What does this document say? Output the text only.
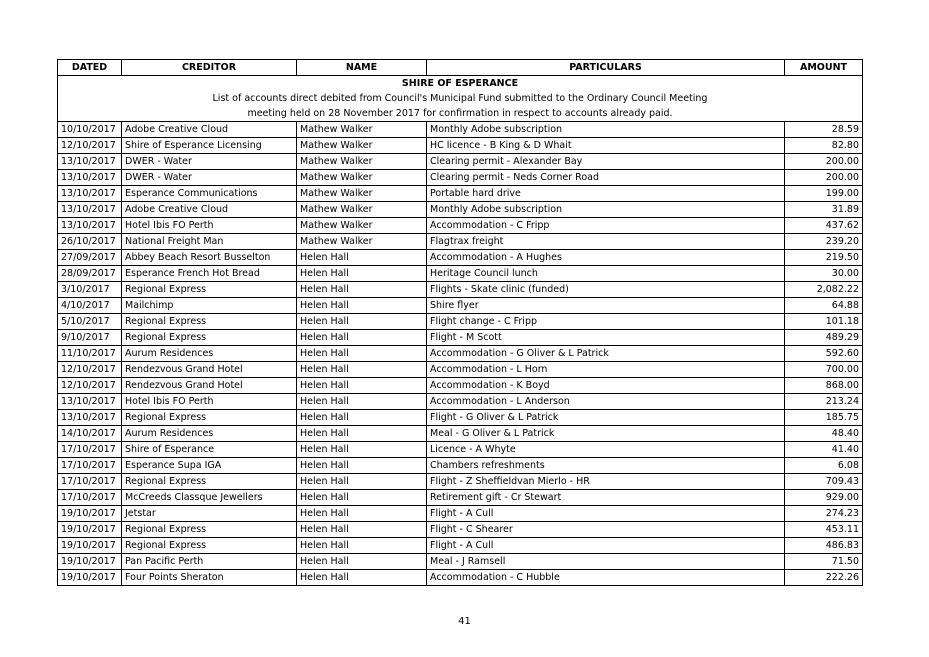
SHIRE OF ESPERANCE				
List of accounts direct debited from Council's Municipal Fund submitted to the Ordinary Council Meeting				
meeting held on 28 November 2017 for confirmation in respect to accounts already paid.				
DATED	CREDITOR	NAME	PARTICULARS	AMOUNT
10/10/2017	Adobe Creative Cloud	Mathew Walker	Monthly Adobe subscription	28.59
12/10/2017	Shire of Esperance Licensing	Mathew Walker	HC licence - B King & D Whait	82.80
13/10/2017	DWER - Water	Mathew Walker	Clearing permit - Alexander Bay	200.00
13/10/2017	DWER - Water	Mathew Walker	Clearing permit - Neds Corner Road	200.00
13/10/2017	Esperance Communications	Mathew Walker	Portable hard drive	199.00
13/10/2017	Adobe Creative Cloud	Mathew Walker	Monthly Adobe subscription	31.89
13/10/2017	Hotel Ibis FO Perth	Mathew Walker	Accommodation - C Fripp	437.62
26/10/2017	National Freight Man	Mathew Walker	Flagtrax freight	239.20
27/09/2017	Abbey Beach Resort Busselton	Helen Hall	Accommodation - A Hughes	219.50
28/09/2017	Esperance French Hot Bread	Helen Hall	Heritage Council lunch	30.00
3/10/2017	Regional Express	Helen Hall	Flights - Skate clinic (funded)	2,082.22
4/10/2017	Mailchimp	Helen Hall	Shire flyer	64.88
5/10/2017	Regional Express	Helen Hall	Flight change - C Fripp	101.18
9/10/2017	Regional Express	Helen Hall	Flight - M Scott	489.29
11/10/2017	Aurum Residences	Helen Hall	Accommodation - G Oliver & L Patrick	592.60
12/10/2017	Rendezvous Grand Hotel	Helen Hall	Accommodation - L Horn	700.00
12/10/2017	Rendezvous Grand Hotel	Helen Hall	Accommodation - K Boyd	868.00
13/10/2017	Hotel Ibis FO Perth	Helen Hall	Accommodation - L Anderson	213.24
13/10/2017	Regional Express	Helen Hall	Flight - G Oliver & L Patrick	185.75
14/10/2017	Aurum Residences	Helen Hall	Meal - G Oliver & L Patrick	48.40
17/10/2017	Shire of Esperance	Helen Hall	Licence - A Whyte	41.40
17/10/2017	Esperance Supa IGA	Helen Hall	Chambers refreshments	6.08
17/10/2017	Regional Express	Helen Hall	Flight - Z Sheffieldvan Mierlo - HR	709.43
17/10/2017	McCreeds Classque Jewellers	Helen Hall	Retirement gift - Cr Stewart	929.00
19/10/2017	Jetstar	Helen Hall	Flight - A Cull	274.23
19/10/2017	Regional Express	Helen Hall	Flight - C Shearer	453.11
19/10/2017	Regional Express	Helen Hall	Flight - A Cull	486.83
19/10/2017	Pan Pacific Perth	Helen Hall	Meal - J Ramsell	71.50
19/10/2017	Four Points Sheraton	Helen Hall	Accommodation - C Hubble	222.26
41
